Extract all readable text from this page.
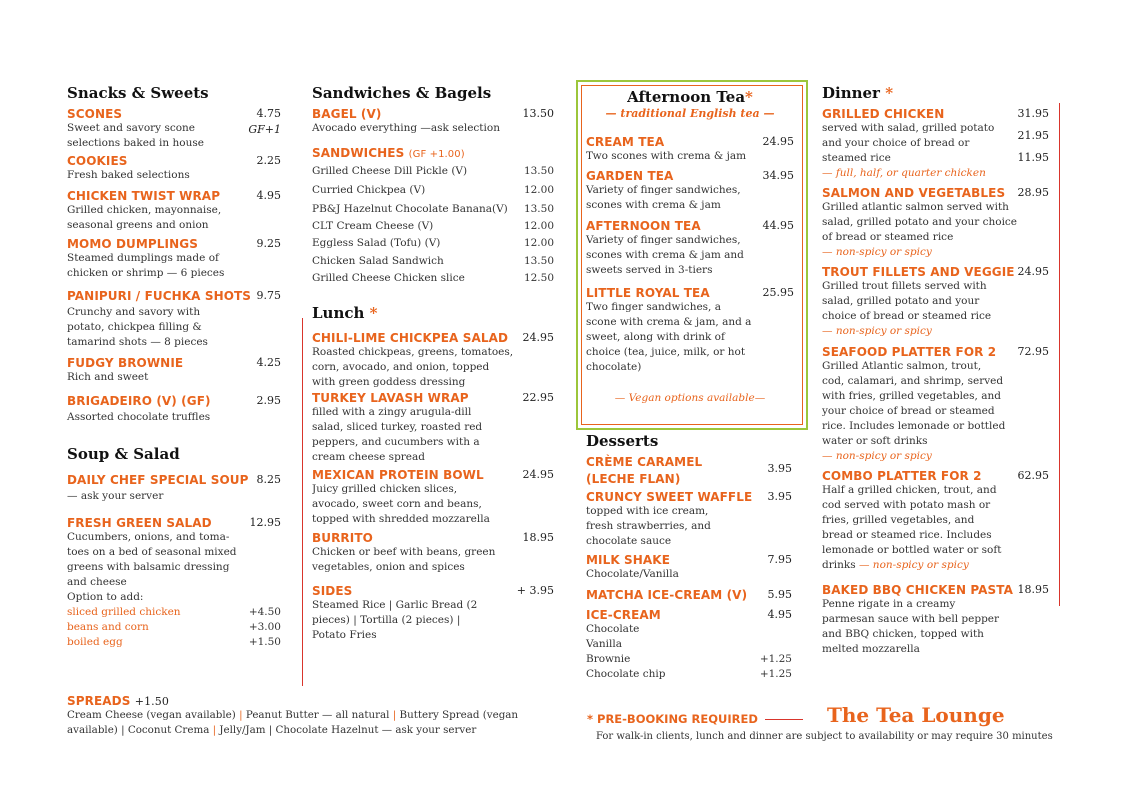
Snacks & Sweets
SCONES	4.75
GF+1
Sweet and savory scone
selections baked in house
COOKIES	2.25
Fresh baked selections
CHICKEN TWIST WRAP	4.95
Grilled chicken, mayonnaise,
seasonal greens and onion
MOMO DUMPLINGS	9.25
Steamed dumplings made of
chicken or shrimp — 6 pieces
PANIPURI / FUCHKA SHOTS 9.75
Crunchy and savory with
potato, chickpea filling &
tamarind shots — 8 pieces
FUDGY BROWNIE	4.25
Rich and sweet
BRIGADEIRO (V) (GF)	2.95
Assorted chocolate truffles
Soup & Salad
DAILY CHEF SPECIAL SOUP 8.25
— ask your server
FRESH GREEN SALAD	12.95
Cucumbers, onions, and toma-
toes on a bed of seasonal mixed
greens with balsamic dressing
and cheese
Option to add:
sliced grilled chicken	+4.50
beans and corn	+3.00
boiled egg	+1.50
SPREADS +1.50
Cream Cheese (vegan available) | Peanut Butter — all natural | Buttery Spread (vegan
available) | Coconut Crema | Jelly/Jam | Chocolate Hazelnut — ask your server
Sandwiches & Bagels
BAGEL (V)	13.50
Avocado everything —ask selection
SANDWICHES (GF +1.00)
Grilled Cheese Dill Pickle (V)	13.50
Curried Chickpea (V)	12.00
PB&J Hazelnut Chocolate Banana(V) 13.50
CLT Cream Cheese (V)	12.00
Eggless Salad (Tofu) (V)	12.00
Chicken Salad Sandwich	13.50
Grilled Cheese Chicken slice	12.50
Lunch *
CHILI-LIME CHICKPEA SALAD	24.95
Roasted chickpeas, greens, tomatoes,
corn, avocado, and onion, topped
with green goddess dressing
TURKEY LAVASH WRAP	22.95
filled with a zingy arugula-dill
salad, sliced turkey, roasted red
peppers, and cucumbers with a
cream cheese spread
MEXICAN PROTEIN BOWL	24.95
Juicy grilled chicken slices,
avocado, sweet corn and beans,
topped with shredded mozzarella
BURRITO	18.95
Chicken or beef with beans, green
vegetables, onion and spices
SIDES	+ 3.95
Steamed Rice | Garlic Bread (2
pieces) | Tortilla (2 pieces) |
Potato Fries
Afternoon Tea*
— traditional English tea —
CREAM TEA	24.95
Two scones with crema & jam
GARDEN TEA	34.95
Variety of finger sandwiches,
scones with crema & jam
AFTERNOON TEA	44.95
Variety of finger sandwiches,
scones with crema & jam and
sweets served in 3-tiers
LITTLE ROYAL TEA	25.95
Two finger sandwiches, a
scone with crema & jam, and a
sweet, along with drink of
choice (tea, juice, milk, or hot
chocolate)
— Vegan options available—
Desserts
CRÈME CARAMEL
(LECHE FLAN)
3.95
CRUNCY SWEET WAFFLE	3.95
topped with ice cream,
fresh strawberries, and
chocolate sauce
MILK SHAKE	7.95
Chocolate/Vanilla
MATCHA ICE-CREAM (V)	5.95
ICE-CREAM	4.95
Chocolate
Vanilla
Brownie	+1.25
Chocolate chip	+1.25
* PRE-BOOKING REQUIRED	The Tea Lounge
For walk-in clients, lunch and dinner are subject to availability or may require 30 minutes
Dinner *
GRILLED CHICKEN	31.95
21.95
11.95
served with salad, grilled potato
and your choice of bread or
steamed rice
— full, half, or quarter chicken
SALMON AND VEGETABLES	28.95
Grilled atlantic salmon served with
salad, grilled potato and your choice
of bread or steamed rice
— non-spicy or spicy
TROUT FILLETS AND VEGGIE 24.95
Grilled trout fillets served with
salad, grilled potato and your
choice of bread or steamed rice
— non-spicy or spicy
SEAFOOD PLATTER FOR 2	72.95
Grilled Atlantic salmon, trout,
cod, calamari, and shrimp, served
with fries, grilled vegetables, and
your choice of bread or steamed
rice. Includes lemonade or bottled
water or soft drinks
— non-spicy or spicy
COMBO PLATTER FOR 2	62.95
Half a grilled chicken, trout, and
cod served with potato mash or
fries, grilled vegetables, and
bread or steamed rice. Includes
lemonade or bottled water or soft
drinks — non-spicy or spicy
BAKED BBQ CHICKEN PASTA 18.95
Penne rigate in a creamy
parmesan sauce with bell pepper
and BBQ chicken, topped with
melted mozzarella
